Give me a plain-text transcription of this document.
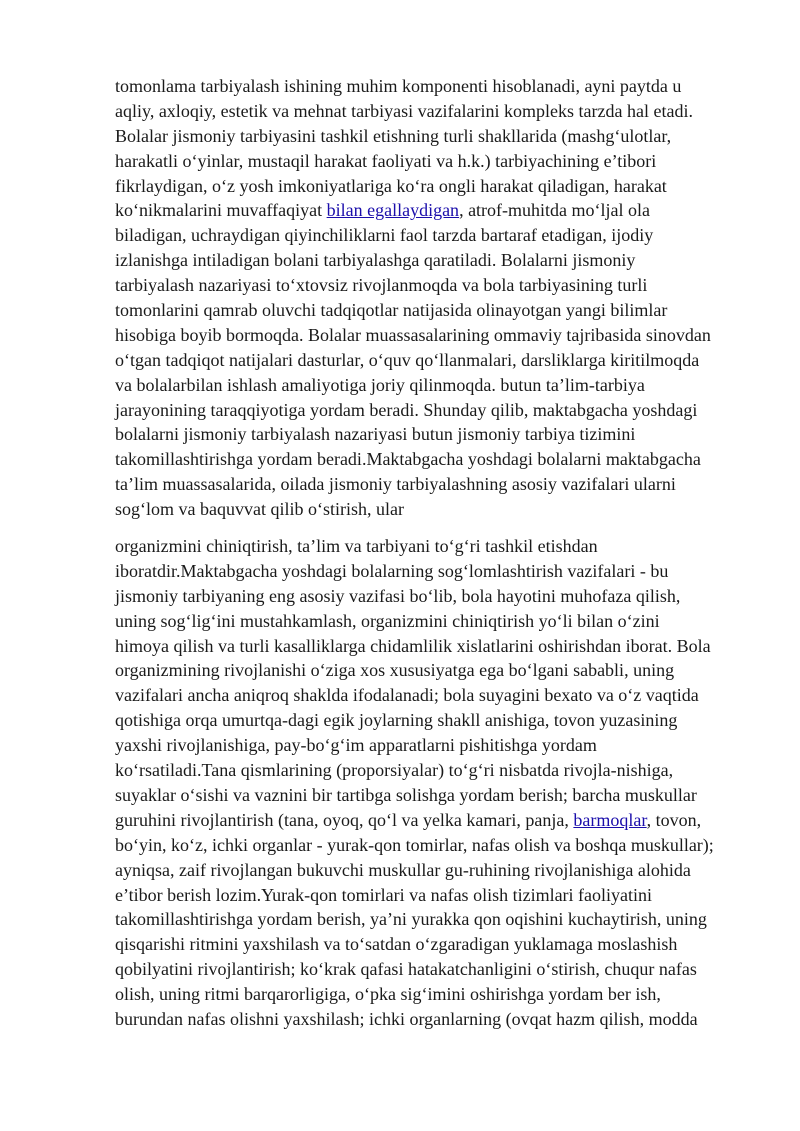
tomonlama tarbiyalash ishining muhim komponenti hisoblanadi, ayni paytda u
aqliy, axloqiy, estetik va mehnat tarbiyasi vazifalarini kompleks tarzda hal etadi.
Bolalar jismoniy tarbiyasini tashkil etishning turli shakllarida (mashg‘ulotlar,
harakatli o‘yinlar, mustaqil harakat faoliyati va h.k.) tarbiyachining e’tibori
fikrlaydigan, o‘z yosh imkoniyatlariga ko‘ra ongli harakat qiladigan, harakat
ko‘nikmalarini muvaffaqiyat bilan egallaydigan, atrof-muhitda mo‘ljal ola
biladigan, uchraydigan qiyinchiliklarni faol tarzda bartaraf etadigan, ijodiy
izlanishga intiladigan bolani tarbiyalashga qaratiladi. Bolalarni jismoniy
tarbiyalash nazariyasi to‘xtovsiz rivojlanmoqda va bola tarbiyasining turli
tomonlarini qamrab oluvchi tadqiqotlar natijasida olinayotgan yangi bilimlar
hisobiga boyib bormoqda. Bolalar muassasalarining ommaviy tajribasida sinovdan
o‘tgan tadqiqot natijalari dasturlar, o‘quv qo‘llanmalari, darsliklarga kiritilmoqda
va bolalarbilan ishlash amaliyotiga joriy qilinmoqda. butun ta’lim-tarbiya
jarayonining taraqqiyotiga yordam beradi. Shunday qilib, maktabgacha yoshdagi
bolalarni jismoniy tarbiyalash nazariyasi butun jismoniy tarbiya tizimini
takomillashtirishga yordam beradi.Maktabgacha yoshdagi bolalarni maktabgacha
ta’lim muassasalarida, oilada jismoniy tarbiyalashning asosiy vazifalari ularni
sog‘lom va baquvvat qilib o‘stirish, ular
organizmini chiniqtirish, ta’lim va tarbiyani to‘g‘ri tashkil etishdan
iboratdir.Maktabgacha yoshdagi bolalarning sog‘lomlashtirish vazifalari - bu
jismoniy tarbiyaning eng asosiy vazifasi bo‘lib, bola hayotini muhofaza qilish,
uning sog‘lig‘ini mustahkamlash, organizmini chiniqtirish yo‘li bilan o‘zini
himoya qilish va turli kasalliklarga chidamlilik xislatlarini oshirishdan iborat. Bola
organizmining rivojlanishi o‘ziga xos xususiyatga ega bo‘lgani sababli, uning
vazifalari ancha aniqroq shaklda ifodalanadi; bola suyagini bexato va o‘z vaqtida
qotishiga orqa umurtqa-dagi egik joylarning shakll anishiga, tovon yuzasining
yaxshi rivojlanishiga, pay-bo‘g‘im apparatlarni pishitishga yordam
ko‘rsatiladi.Tana qismlarining (proporsiyalar) to‘g‘ri nisbatda rivojla-nishiga,
suyaklar o‘sishi va vaznini bir tartibga solishga yordam berish; barcha muskullar
guruhini rivojlantirish (tana, oyoq, qo‘l va yelka kamari, panja, barmoqlar, tovon,
bo‘yin, ko‘z, ichki organlar - yurak-qon tomirlar, nafas olish va boshqa muskullar);
ayniqsa, zaif rivojlangan bukuvchi muskullar gu-ruhining rivojlanishiga alohida
e’tibor berish lozim.Yurak-qon tomirlari va nafas olish tizimlari faoliyatini
takomillashtirishga yordam berish, ya’ni yurakka qon oqishini kuchaytirish, uning
qisqarishi ritmini yaxshilash va to‘satdan o‘zgaradigan yuklamaga moslashish
qobilyatini rivojlantirish; ko‘krak qafasi hatakatchanligini o‘stirish, chuqur nafas
olish, uning ritmi barqarorligiga, o‘pka sig‘imini oshirishga yordam ber ish,
burundan nafas olishni yaxshilash; ichki organlarning (ovqat hazm qilish, modda
